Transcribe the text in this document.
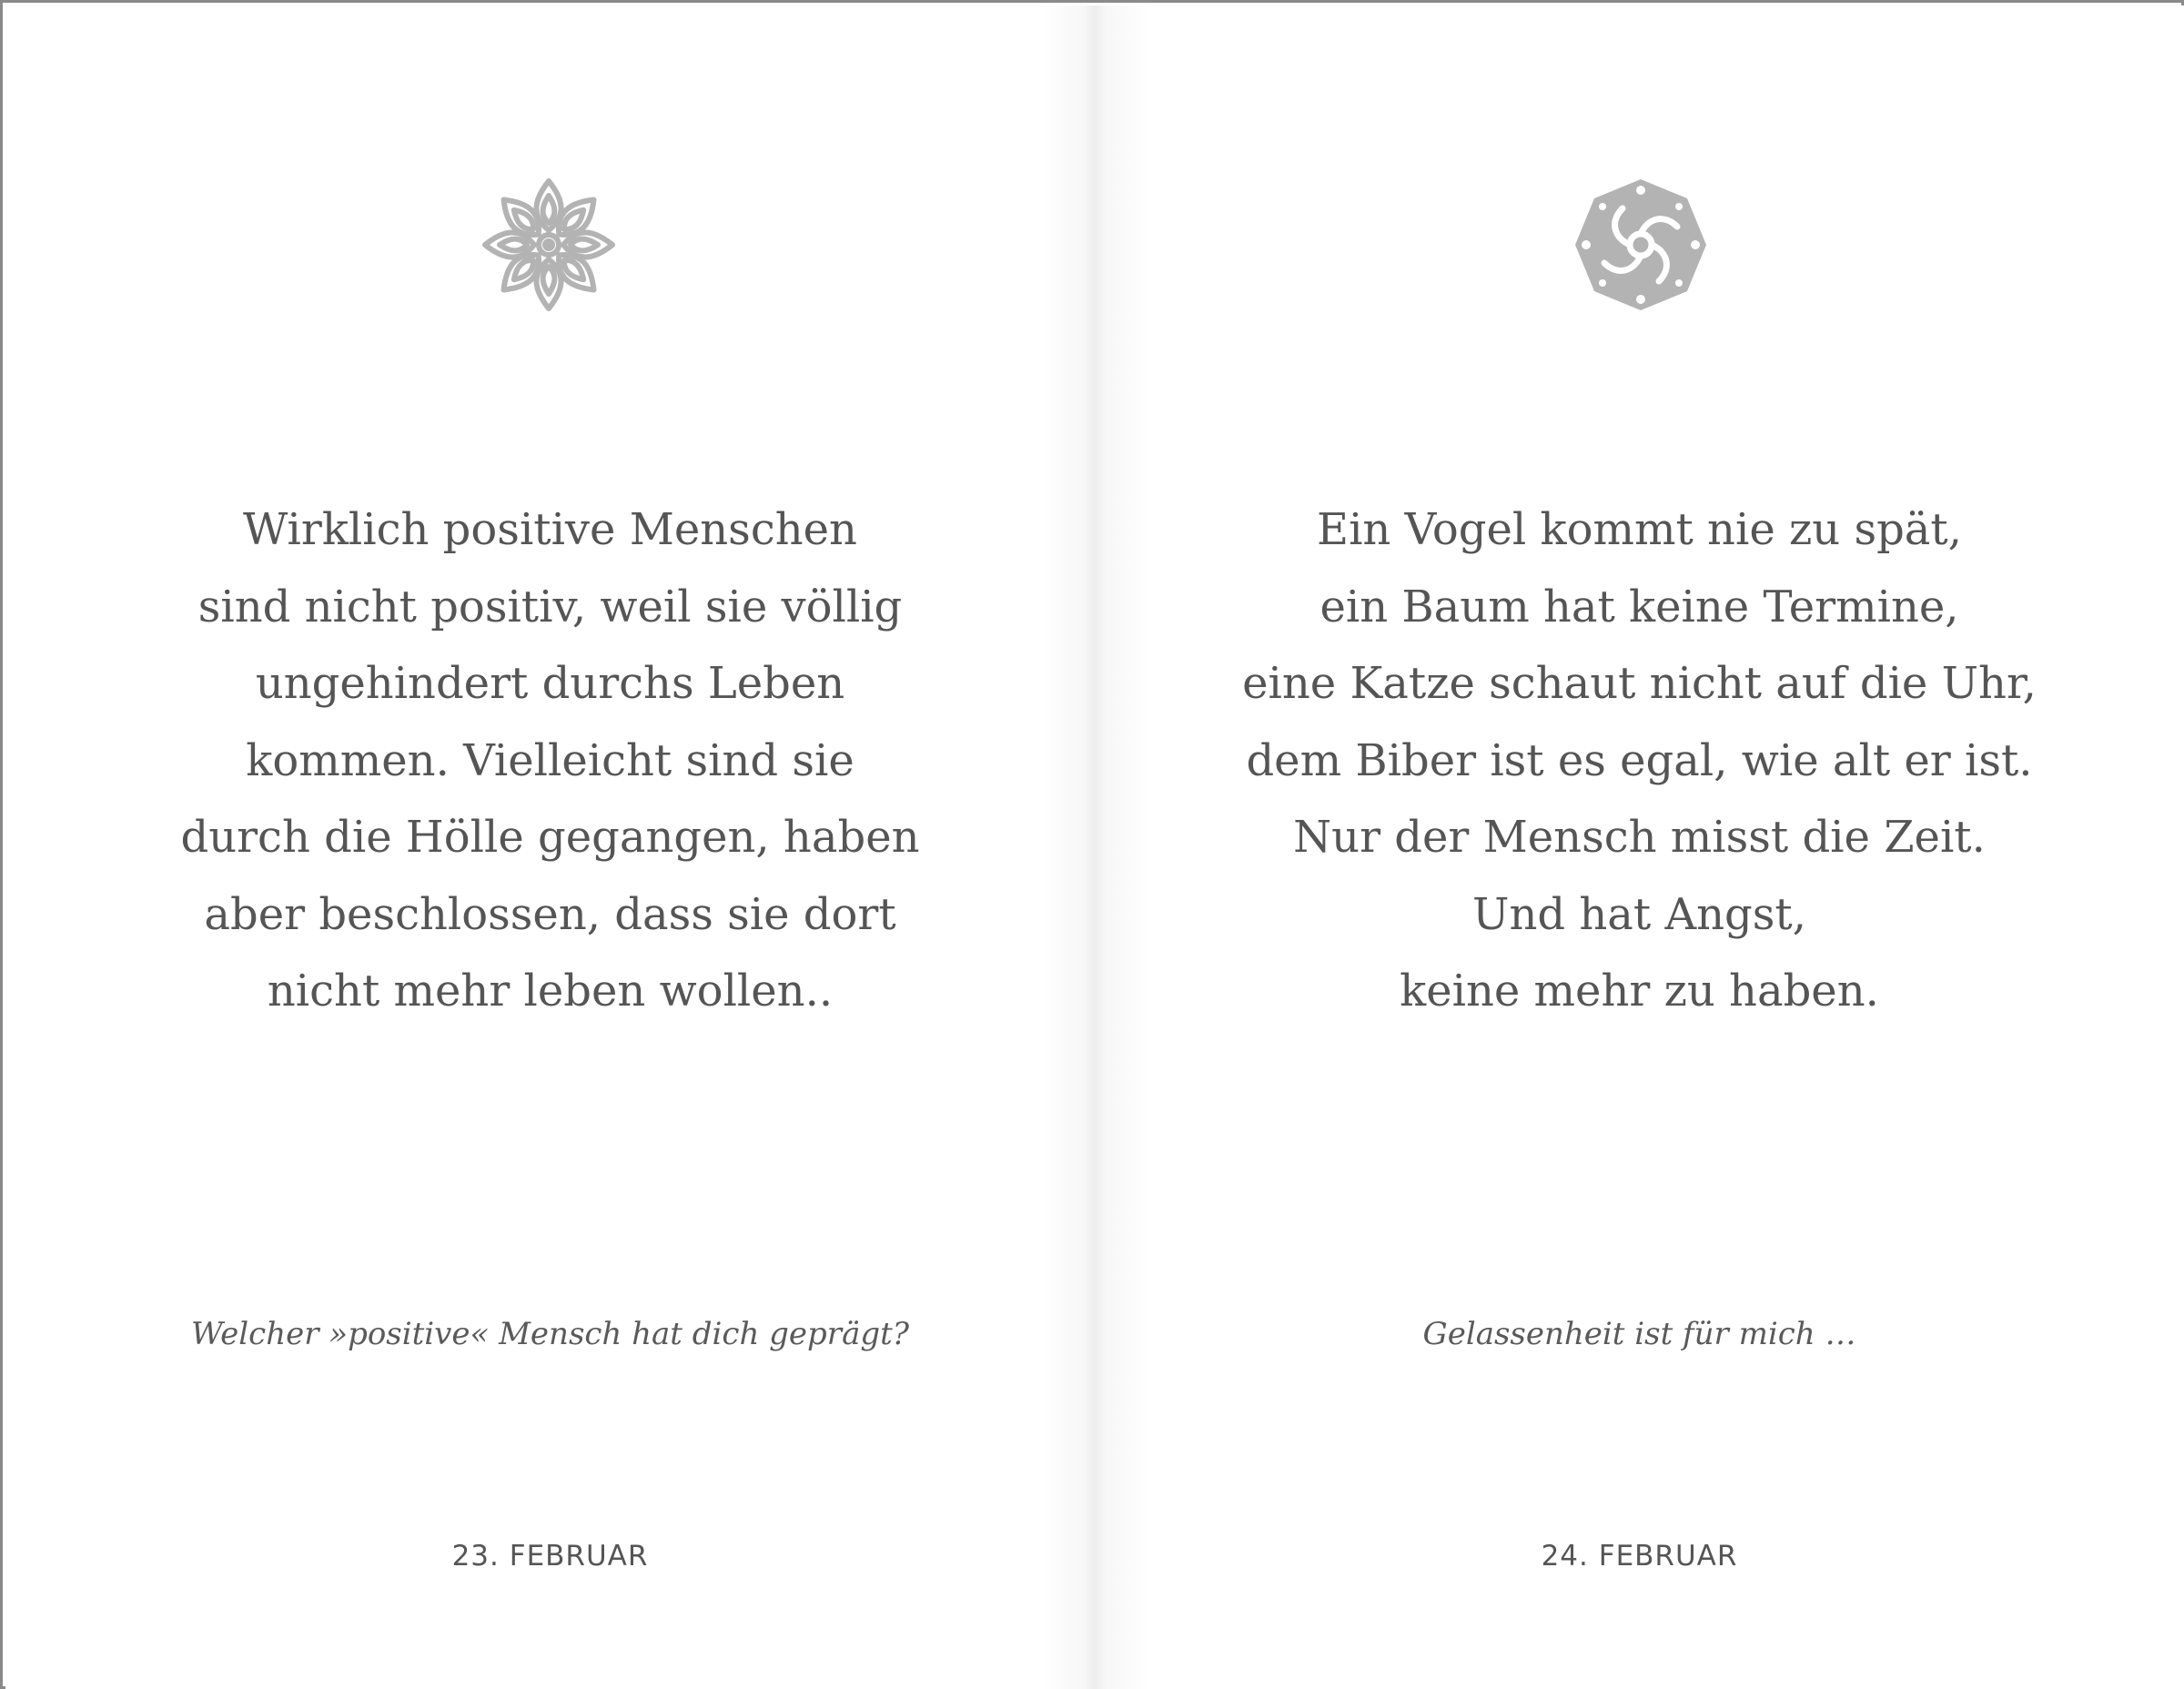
Wirklich positive Menschen
sind nicht positiv, weil sie völlig
ungehindert durchs Leben
kommen. Vielleicht sind sie
durch die Hölle gegangen, haben
aber beschlossen, dass sie dort
nicht mehr leben wollen..
Welcher »positive« Mensch hat dich geprägt?
23. FEBRUAR
Ein Vogel kommt nie zu spät,
ein Baum hat keine Termine,
eine Katze schaut nicht auf die Uhr,
dem Biber ist es egal, wie alt er ist.
Nur der Mensch misst die Zeit.
Und hat Angst,
keine mehr zu haben.
Gelassenheit ist für mich …
24. FEBRUAR
